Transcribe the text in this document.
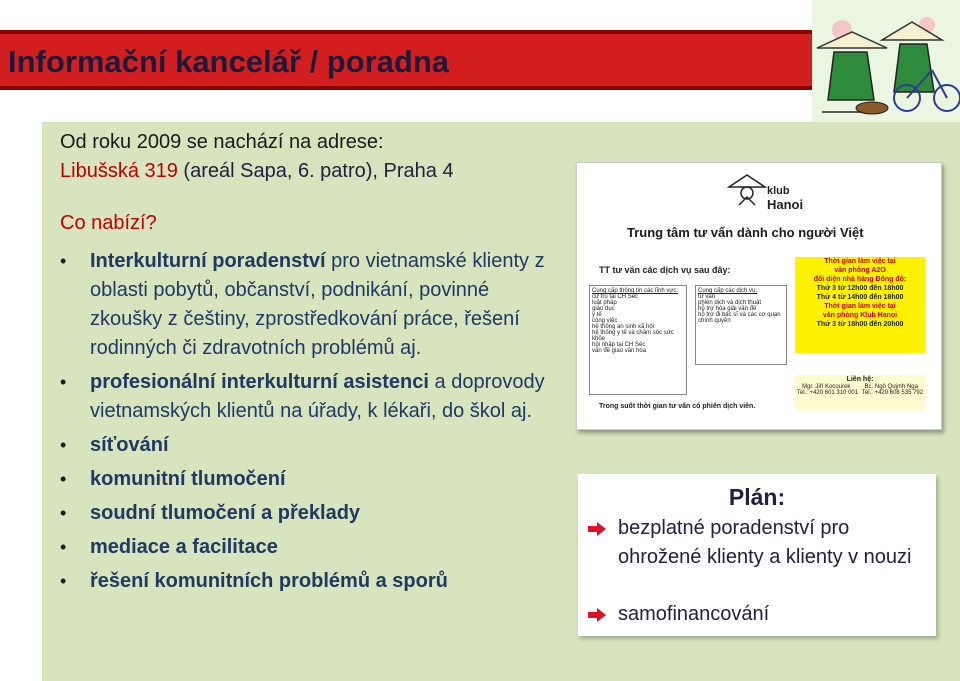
Informační kancelář / poradna
Od roku 2009 se nachází na adrese:
Libušská 319 (areál Sapa, 6. patro), Praha 4
Co nabízí?
• Interkulturní poradenství pro vietnamské klienty z oblasti pobytů, občanství, podnikání, povinné zkoušky z češtiny, zprostředkování práce, řešení rodinných či zdravotních problémů aj.
• profesionální interkulturní asistenci a doprovody vietnamských klientů na úřady, k lékaři, do škol aj.
• síťování
• komunitní tlumočení
• soudní tlumočení a překlady
• mediace a facilitace
• řešení komunitních problémů a sporů
klub
Hanoi
Trung tâm tư vấn dành cho người Việt
TT tư vấn các dịch vụ sau đây:
Cung cấp thông tin các lĩnh vực:
cư trú tại CH Séc
luật pháp
giáo dục
y tế
công việc
hệ thống an sinh xã hội
hệ thống y tế và chăm sóc sức khỏe
hội nhập tại CH Séc
vấn đề giao văn hóa
Cung cấp các dịch vụ:
tư vấn
phiên dịch và dịch thuật
hỗ trợ hòa giải vấn đề
hỗ trợ đi bác sĩ và các cơ quan chính quyền
Thời gian làm việc tại
văn phòng A2O
đối diện nhà hàng Đông đô:
Thứ 3 từ 12h00 đến 18h00
Thứ 4 từ 14h00 đến 18h00
Thời gian làm việc tại
văn phòng Klub Hanoi
Thứ 3 từ 18h00 đến 20h00
Liên hệ:
Mgr. Jiří Kocourek Bc. Ngô Quỳnh Nga
Tel.: +420 601 310 001 Tel.: +420 608 535 792
Trong suốt thời gian tư vấn có phiên dịch viên.
Plán:
bezplatné poradenství pro ohrožené klienty a klienty v nouzi
samofinancování
